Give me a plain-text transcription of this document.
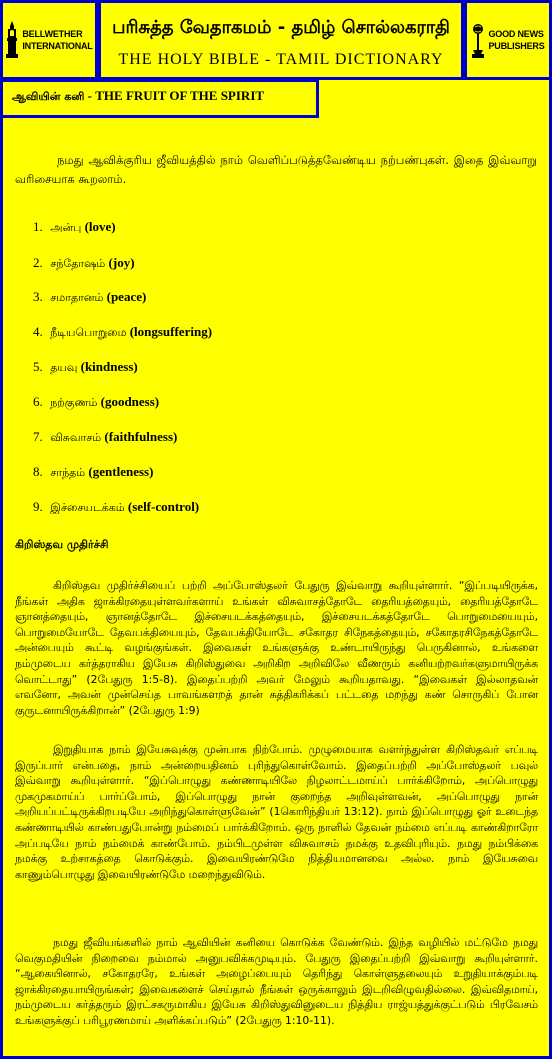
BELLWETHER
INTERNATIONAL
பரிசுத்த வேதாகமம் - தமிழ் சொல்லகராதி
THE HOLY BIBLE - TAMIL DICTIONARY
GOOD NEWS
PUBLISHERS
ஆவியின் கனி - THE FRUIT OF THE SPIRIT
நமது ஆவிக்குரிய ஜீவியத்தில் நாம் வெளிப்படுத்தவேண்டிய நற்பண்புகள். இதை இவ்வாறு வரிசையாக கூறலாம்.
1. அன்பு (love)
2. சந்தோஷம் (joy)
3. சமாதானம் (peace)
4. நீடியபொறுமை (longsuffering)
5. தயவு (kindness)
6. நற்குணம் (goodness)
7. விசுவாசம் (faithfulness)
8. சாந்தம் (gentleness)
9. இச்சையடக்கம் (self-control)
கிறிஸ்தவ முதிர்ச்சி
கிறிஸ்தவ முதிர்ச்சியைப் பற்றி அப்போஸ்தலர் பேதுரு இவ்வாறு கூறியுள்ளார். “இப்படியிருக்க, நீங்கள் அதிக ஜாக்கிரதையுள்ளவர்களாய் உங்கள் விசுவாசத்தோடே தைரியத்தையும், தைரியத்தோடே ஞானத்தையும், ஞானத்தோடே இச்சையடக்கத்தையும், இச்சையடக்கத்தோடே பொறுமையையும், பொறுமையோடே தேவபக்தியையும், தேவபக்தியோடே சகோதர சிநேகத்தையும், சகோதரசிநேகத்தோடே அன்பையும் கூட்டி வழங்குங்கள். இவைகள் உங்களுக்கு உண்டாயிருந்து பெருகினால், உங்களை நம்முடைய கர்த்தராகிய இயேசு கிறிஸ்துவை அறிகிற அறிவிலே வீணரும் கனியற்றவர்களுமாயிருக்க வொட்டாது” (2பேதுரு 1:5-8). இதைப்பற்றி அவர் மேலும் கூறியதாவது. “இவைகள் இல்லாதவன் எவனோ, அவன் முன்செய்த பாவங்களறத் தான் சுத்திகரிக்கப் பட்டதை மறந்து கண் சொருகிப் போன குருடனாயிருக்கிறான்” (2பேதுரு 1:9)
இறுதியாக நாம் இயேசுவுக்கு முன்பாக நிற்போம். முழுமையாக வளர்ந்துள்ள கிறிஸ்தவர் எப்படி இருப்பார் என்பதை, நாம் அன்றையதினம் புரிந்துகொள்வோம். இதைப்பற்றி அப்போஸ்தலர் பவுல் இவ்வாறு கூறியுள்ளார். “இப்பொழுது கண்ணாடியிலே நிழலாட்டமாய்ப் பார்க்கிறோம், அப்பொழுது முகமுகமாய்ப் பார்ப்போம், இப்பொழுது நான் குறைந்த அறிவுள்ளவன், அப்பொழுது நான் அறியப்பட்டிருக்கிறபடியே அறிந்துகொள்ளுவேன்” (1கொரிந்தியர் 13:12). நாம் இப்பொழுது ஓர் உடைந்த கண்ணாடியில் காண்பதுபோன்று நம்மைப் பார்க்கிறோம். ஒரு நாளில் தேவன் நம்மை எப்படி காண்கிறாரோ அப்படியே நாம் நம்மைக் காண்போம். நம்பிடமுள்ள விசுவாசம் நமக்கு உதவிபுரியும். நமது நம்பிக்கை நமக்கு உற்சாகத்தை கொடுக்கும். இவையிரண்டுமே நித்தியமானவை அல்ல. நாம் இயேசுவை காணும்பொழுது இவையிரண்டுமே மறைந்துவிடும்.
நமது ஜீவியங்களில் நாம் ஆவியின் கனியை கொடுக்க வேண்டும். இந்த வழியில் மட்டுமே நமது வெகுமதியின் நிறைவை நம்மால் அனுபவிக்கமுடியும். பேதுரு இதைப்பற்றி இவ்வாறு கூறியுள்ளார். “ஆகையினால், சகோதரரே, உங்கள் அழைப்பையும் தெரிந்து கொள்ளுதலையும் உறுதியாக்கும்படி ஜாக்கிரதையாயிருங்கள்; இவைகளைச் செய்தால் நீங்கள் ஒருக்காலும் இடறிவிழுவதில்லை. இவ்விதமாய், நம்முடைய கர்த்தரும் இரட்சகருமாகிய இயேசு கிறிஸ்துவினுடைய நித்திய ராஜ்யத்துக்குட்படும் பிரவேசம் உங்களுக்குப் பரிபூரணமாய் அளிக்கப்படும்” (2பேதுரு 1:10-11).
